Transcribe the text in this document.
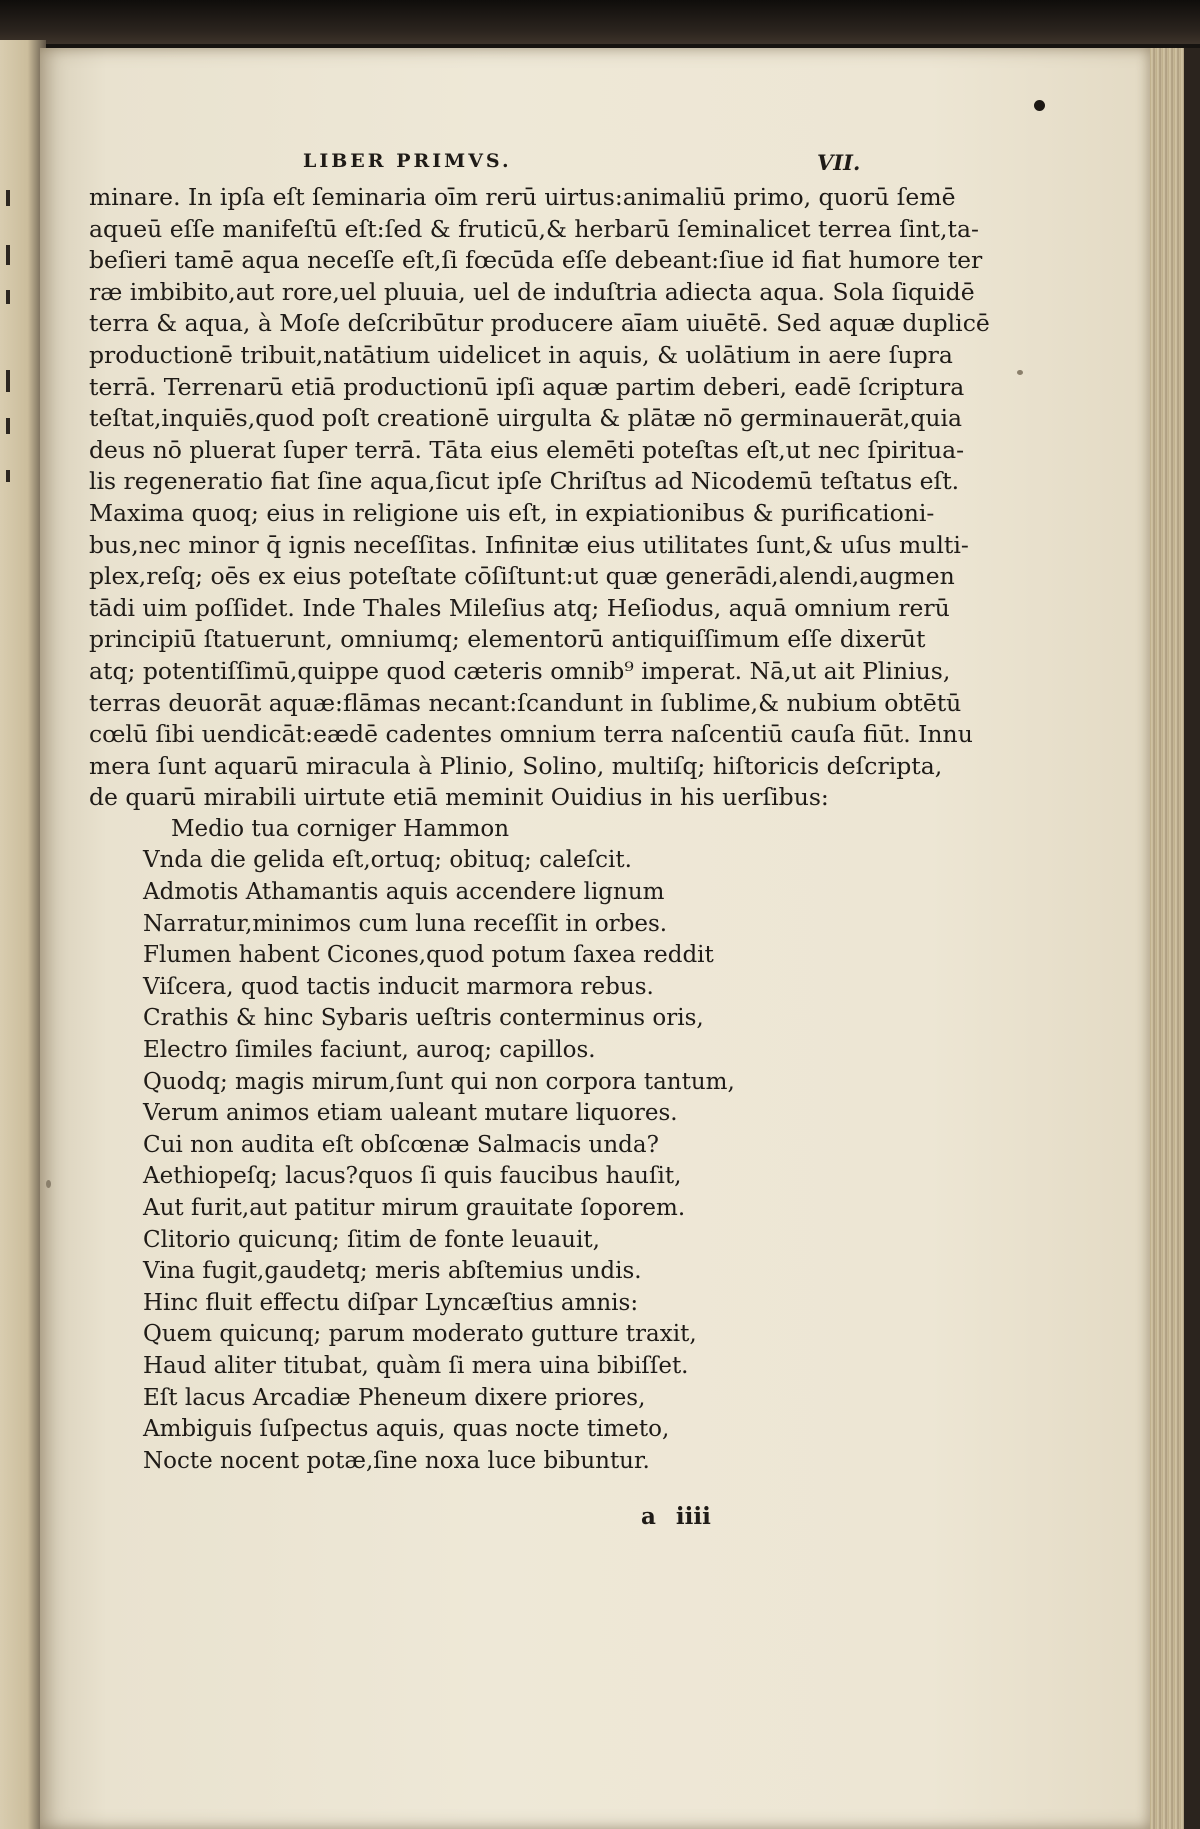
LIBER PRIMVS.	VII.
minare. In ipſa eſt ſeminaria oīm rerū uirtus:animaliū primo, quorū ſemē
aqueū eſſe manifeſtū eſt:ſed & fruticū,& herbarū ſeminalicet terrea ſint,ta-
beſieri tamē aqua neceſſe eſt,ſi fœcūda eſſe debeant:ſiue id fiat humore ter
ræ imbibito,aut rore,uel pluuia, uel de induſtria adiecta aqua. Sola ſiquidē
terra & aqua, à Moſe deſcribūtur producere aīam uiuētē. Sed aquæ duplicē
productionē tribuit,natātium uidelicet in aquis, & uolātium in aere ſupra
terrā. Terrenarū etiā productionū ipſi aquæ partim deberi, eadē ſcriptura
teſtat,inquiēs,quod poſt creationē uirgulta & plātæ nō germinauerāt,quia
deus nō pluerat ſuper terrā. Tāta eius elemēti poteſtas eſt,ut nec ſpiritua-
lis regeneratio fiat ſine aqua,ſicut ipſe Chriſtus ad Nicodemū teſtatus eſt.
Maxima quoq; eius in religione uis eſt, in expiationibus & purificationi-
bus,nec minor q̄ ignis neceſſitas. Infinitæ eius utilitates ſunt,& uſus multi-
plex,reſq; oēs ex eius poteſtate cōſiſtunt:ut quæ generādi,alendi,augmen
tādi uim poſſidet. Inde Thales Mileſius atq; Heſiodus, aquā omnium rerū
principiū ſtatuerunt, omniumq; elementorū antiquiſſimum eſſe dixerūt
atq; potentiſſimū,quippe quod cæteris omnib⁹ imperat. Nā,ut ait Plinius,
terras deuorāt aquæ:flāmas necant:ſcandunt in ſublime,& nubium obtētū
cœlū ſibi uendicāt:eædē cadentes omnium terra naſcentiū cauſa fiūt. Innu
mera ſunt aquarū miracula à Plinio, Solino, multiſq; hiſtoricis deſcripta,
de quarū mirabili uirtute etiā meminit Ouidius in his uerſibus:
Medio tua corniger Hammon
Vnda die gelida eſt,ortuq; obituq; caleſcit.
Admotis Athamantis aquis accendere lignum
Narratur,minimos cum luna receſſit in orbes.
Flumen habent Cicones,quod potum ſaxea reddit
Viſcera, quod tactis inducit marmora rebus.
Crathis & hinc Sybaris ueſtris conterminus oris,
Electro ſimiles faciunt, auroq; capillos.
Quodq; magis mirum,ſunt qui non corpora tantum,
Verum animos etiam ualeant mutare liquores.
Cui non audita eſt obſcœnæ Salmacis unda?
Aethiopeſq; lacus?quos ſi quis faucibus hauſit,
Aut furit,aut patitur mirum grauitate ſoporem.
Clitorio quicunq; ſitim de fonte leuauit,
Vina fugit,gaudetq; meris abſtemius undis.
Hinc fluit effectu diſpar Lyncæſtius amnis:
Quem quicunq; parum moderato gutture traxit,
Haud aliter titubat, quàm ſi mera uina bibiſſet.
Eſt lacus Arcadiæ Pheneum dixere priores,
Ambiguis ſuſpectus aquis, quas nocte timeto,
Nocte nocent potæ,ſine noxa luce bibuntur.
a iiii
